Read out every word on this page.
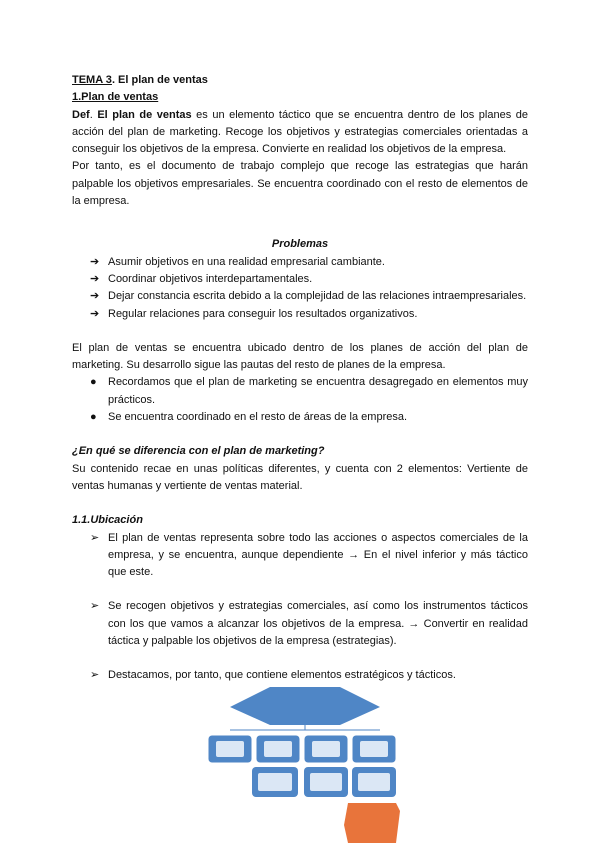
TEMA 3. El plan de ventas

1.Plan de ventas

Def. El plan de ventas es un elemento táctico que se encuentra dentro de los planes de acción del plan de marketing. Recoge los objetivos y estrategias comerciales orientadas a conseguir los objetivos de la empresa. Convierte en realidad los objetivos de la empresa.

Por tanto, es el documento de trabajo complejo que recoge las estrategias que harán palpable los objetivos empresariales. Se encuentra coordinado con el resto de elementos de la empresa.

Problemas

➔ Asumir objetivos en una realidad empresarial cambiante.
➔ Coordinar objetivos interdepartamentales.
➔ Dejar constancia escrita debido a la complejidad de las relaciones intraempresariales.
➔ Regular relaciones para conseguir los resultados organizativos.

El plan de ventas se encuentra ubicado dentro de los planes de acción del plan de marketing. Su desarrollo sigue las pautas del resto de planes de la empresa.

● Recordamos que el plan de marketing se encuentra desagregado en elementos muy prácticos.
● Se encuentra coordinado en el resto de áreas de la empresa.

¿En qué se diferencia con el plan de marketing?

Su contenido recae en unas políticas diferentes, y cuenta con 2 elementos: Vertiente de ventas humanas y vertiente de ventas material.

1.1.Ubicación

➢ El plan de ventas representa sobre todo las acciones o aspectos comerciales de la empresa, y se encuentra, aunque dependiente → En el nivel inferior y más táctico que este.
➢ Se recogen objetivos y estrategias comerciales, así como los instrumentos tácticos con los que vamos a alcanzar los objetivos de la empresa. → Convertir en realidad táctica y palpable los objetivos de la empresa (estrategias).
➢ Destacamos, por tanto, que contiene elementos estratégicos y tácticos.
